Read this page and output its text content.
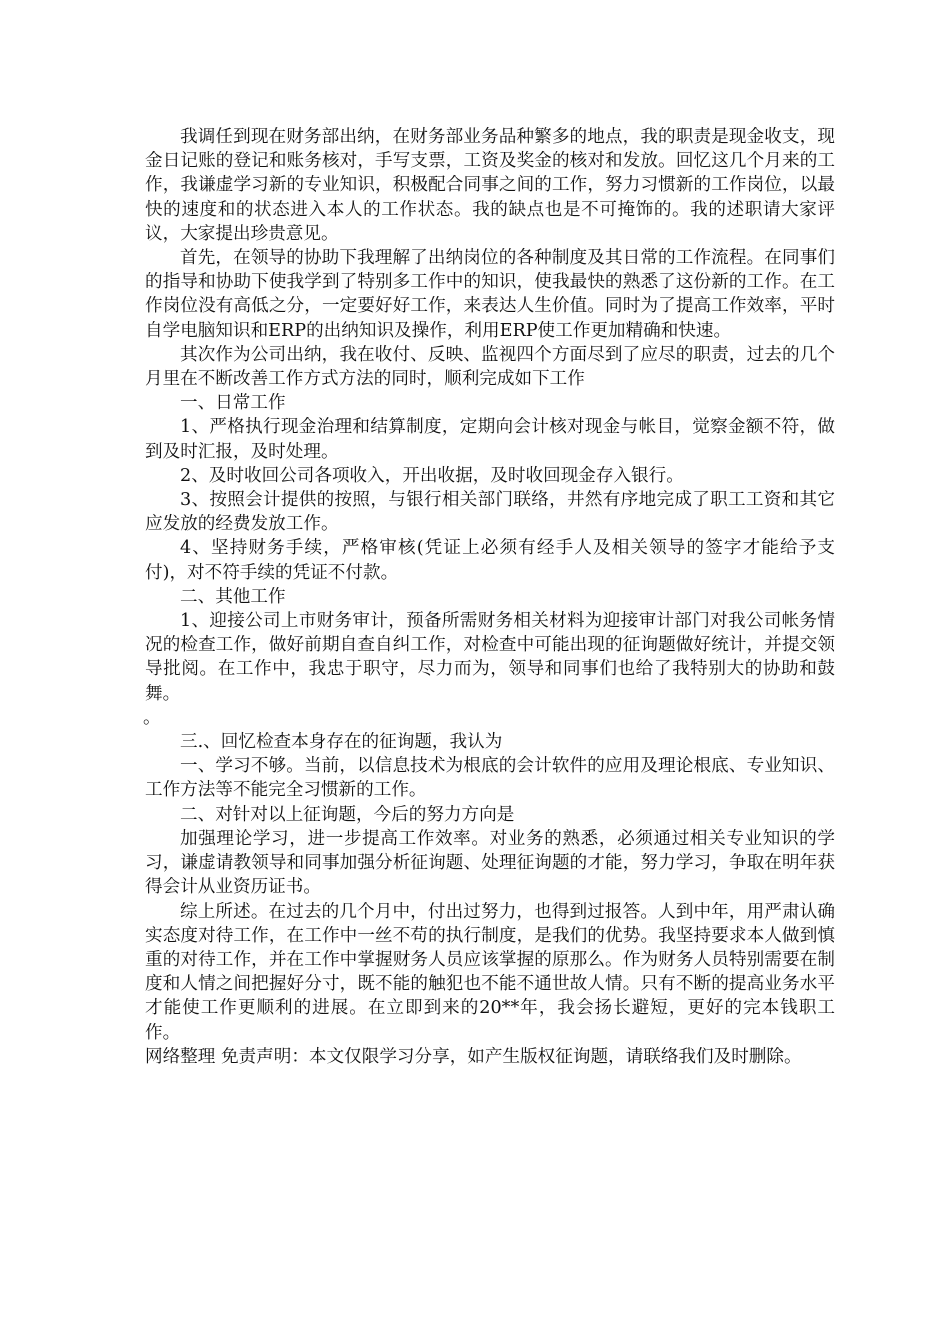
我调任到现在财务部出纳，在财务部业务品种繁多的地点，我的职责是现金收支，现金日记账的登记和账务核对，手写支票，工资及奖金的核对和发放。回忆这几个月来的工作，我谦虚学习新的专业知识，积极配合同事之间的工作，努力习惯新的工作岗位，以最快的速度和的状态进入本人的工作状态。我的缺点也是不可掩饰的。我的述职请大家评议，大家提出珍贵意见。

首先，在领导的协助下我理解了出纳岗位的各种制度及其日常的工作流程。在同事们的指导和协助下使我学到了特别多工作中的知识，使我最快的熟悉了这份新的工作。在工作岗位没有高低之分，一定要好好工作，来表达人生价值。同时为了提高工作效率，平时自学电脑知识和ERP的出纳知识及操作，利用ERP使工作更加精确和快速。

其次作为公司出纳，我在收付、反映、监视四个方面尽到了应尽的职责，过去的几个月里在不断改善工作方式方法的同时，顺利完成如下工作

一、日常工作

1、严格执行现金治理和结算制度，定期向会计核对现金与帐目，觉察金额不符，做到及时汇报，及时处理。

2、及时收回公司各项收入，开出收据，及时收回现金存入银行。

3、按照会计提供的按照，与银行相关部门联络，井然有序地完成了职工工资和其它应发放的经费发放工作。

4、坚持财务手续，严格审核(凭证上必须有经手人及相关领导的签字才能给予支付)，对不符手续的凭证不付款。

二、其他工作

1、迎接公司上市财务审计，预备所需财务相关材料为迎接审计部门对我公司帐务情况的检查工作，做好前期自查自纠工作，对检查中可能出现的征询题做好统计，并提交领导批阅。在工作中，我忠于职守，尽力而为，领导和同事们也给了我特别大的协助和鼓舞。

。

三.、回忆检查本身存在的征询题，我认为

一、学习不够。当前，以信息技术为根底的会计软件的应用及理论根底、专业知识、工作方法等不能完全习惯新的工作。

二、对针对以上征询题，今后的努力方向是

加强理论学习，进一步提高工作效率。对业务的熟悉，必须通过相关专业知识的学习，谦虚请教领导和同事加强分析征询题、处理征询题的才能，努力学习，争取在明年获得会计从业资历证书。

综上所述。在过去的几个月中，付出过努力，也得到过报答。人到中年，用严肃认确实态度对待工作，在工作中一丝不苟的执行制度，是我们的优势。我坚持要求本人做到慎重的对待工作，并在工作中掌握财务人员应该掌握的原那么。作为财务人员特别需要在制度和人情之间把握好分寸，既不能的触犯也不能不通世故人情。只有不断的提高业务水平才能使工作更顺利的进展。在立即到来的20**年，我会扬长避短，更好的完本钱职工作。

网络整理 免责声明：本文仅限学习分享，如产生版权征询题，请联络我们及时删除。
